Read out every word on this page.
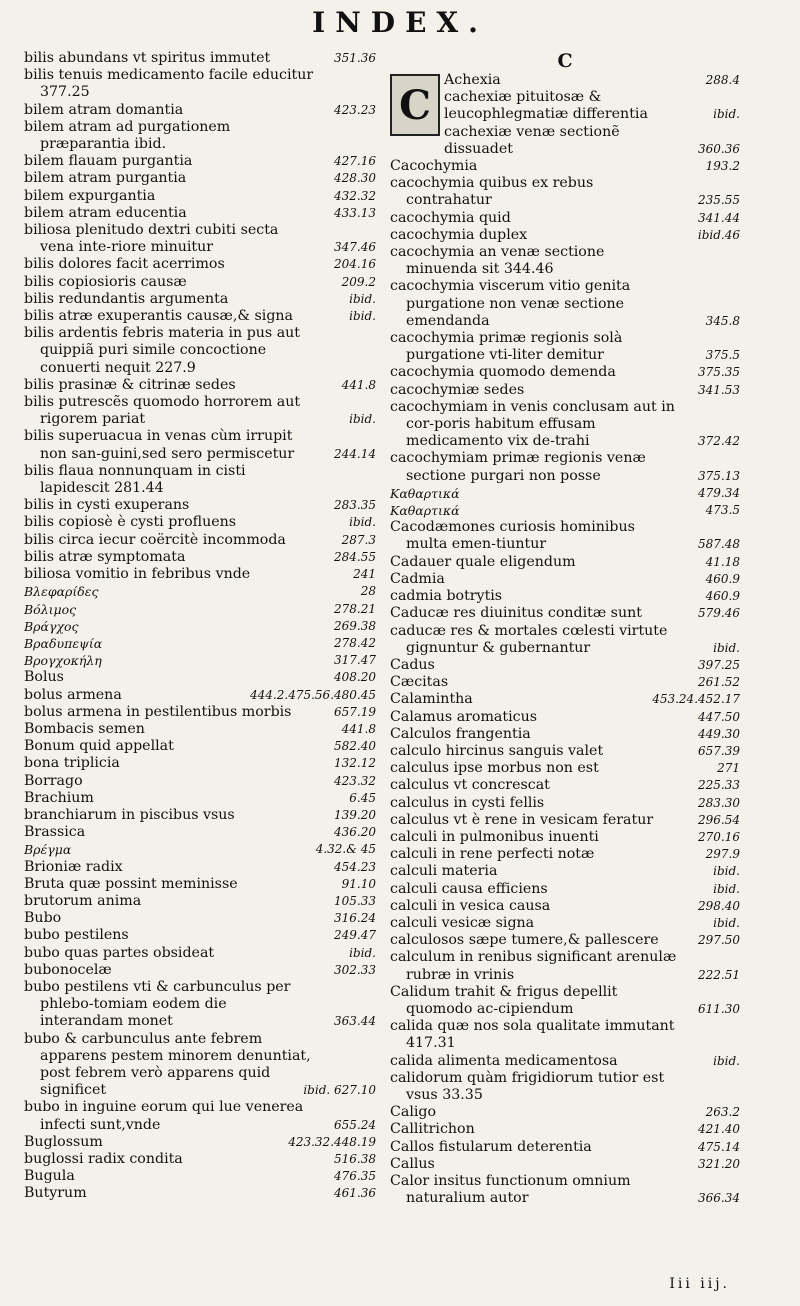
INDEX.
bilis abundans vt spiritus immutet	351.36
bilis tenuis medicamento facile educitur 377.25
bilem atram domantia	423.23
bilem atram ad purgationem præparantia ibid.
bilem flauam purgantia	427.16
bilem atram purgantia	428.30
bilem expurgantia	432.32
bilem atram educentia	433.13
biliosa plenitudo dextri cubiti secta vena inte-riore minuitur	347.46
bilis dolores facit acerrimos	204.16
bilis copiosioris causæ	209.2
bilis redundantis argumenta	ibid.
bilis atræ exuperantis causæ,& signa	ibid.
bilis ardentis febris materia in pus aut quippiã puri simile concoctione conuerti nequit 227.9
bilis prasinæ & citrinæ sedes	441.8
bilis putrescẽs quomodo horrorem aut rigorem pariat	ibid.
bilis superuacua in venas cùm irrupit non san-guini,sed sero permiscetur	244.14
bilis flaua nonnunquam in cisti lapidescit 281.44
bilis in cysti exuperans	283.35
bilis copiosè è cysti profluens	ibid.
bilis circa iecur coërcitè incommoda	287.3
bilis atræ symptomata	284.55
biliosa vomitio in febribus vnde	241
Βλεφαρίδες	28
Βόλιμος	278.21
Βράγχος	269.38
Βραδυπεψία	278.42
Βρογχοκήλη	317.47
Bolus	408.20
bolus armena	444.2.475.56.480.45
bolus armena in pestilentibus morbis	657.19
Bombacis semen	441.8
Bonum quid appellat	582.40
bona triplicia	132.12
Borrago	423.32
Brachium	6.45
branchiarum in piscibus vsus	139.20
Brassica	436.20
Βρέγμα	4.32.& 45
Brioniæ radix	454.23
Bruta quæ possint meminisse	91.10
brutorum anima	105.33
Bubo	316.24
bubo pestilens	249.47
bubo quas partes obsideat	ibid.
bubonocelæ	302.33
bubo pestilens vti & carbunculus per phlebo-tomiam eodem die interandam monet	363.44
bubo & carbunculus ante febrem apparens pestem minorem denuntiat, post febrem verò apparens quid significet	ibid. 627.10
bubo in inguine eorum qui lue venerea infecti sunt,vnde	655.24
Buglossum	423.32.448.19
buglossi radix condita	516.38
Bugula	476.35
Butyrum	461.36
C
C
Achexia	288.4
cachexiæ pituitosæ & leucophlegmatiæ differentia	ibid.
cachexiæ venæ sectionẽ dissuadet	360.36
Cacochymia	193.2
cacochymia quibus ex rebus contrahatur	235.55
cacochymia quid	341.44
cacochymia duplex	ibid.46
cacochymia an venæ sectione minuenda sit 344.46
cacochymia viscerum vitio genita purgatione non venæ sectione emendanda	345.8
cacochymia primæ regionis solà purgatione vti-liter demitur	375.5
cacochymia quomodo demenda	375.35
cacochymiæ sedes	341.53
cacochymiam in venis conclusam aut in cor-poris habitum effusam medicamento vix de-trahi	372.42
cacochymiam primæ regionis venæ sectione purgari non posse	375.13
Καθαρτικά	479.34
Καθαρτικά	473.5
Cacodæmones curiosis hominibus multa emen-tiuntur	587.48
Cadauer quale eligendum	41.18
Cadmia	460.9
cadmia botrytis	460.9
Caducæ res diuinitus conditæ sunt	579.46
caducæ res & mortales cœlesti virtute gignuntur & gubernantur	ibid.
Cadus	397.25
Cæcitas	261.52
Calamintha	453.24.452.17
Calamus aromaticus	447.50
Calculos frangentia	449.30
calculo hircinus sanguis valet	657.39
calculus ipse morbus non est	271
calculus vt concrescat	225.33
calculus in cysti fellis	283.30
calculus vt è rene in vesicam feratur	296.54
calculi in pulmonibus inuenti	270.16
calculi in rene perfecti notæ	297.9
calculi materia	ibid.
calculi causa efficiens	ibid.
calculi in vesica causa	298.40
calculi vesicæ signa	ibid.
calculosos sæpe tumere,& pallescere	297.50
calculum in renibus significant arenulæ rubræ in vrinis	222.51
Calidum trahit & frigus depellit quomodo ac-cipiendum	611.30
calida quæ nos sola qualitate immutant 417.31
calida alimenta medicamentosa	ibid.
calidorum quàm frigidiorum tutior est vsus 33.35
Caligo	263.2
Callitrichon	421.40
Callos fistularum deterentia	475.14
Callus	321.20
Calor insitus functionum omnium naturalium autor	366.34
Iii iij.
